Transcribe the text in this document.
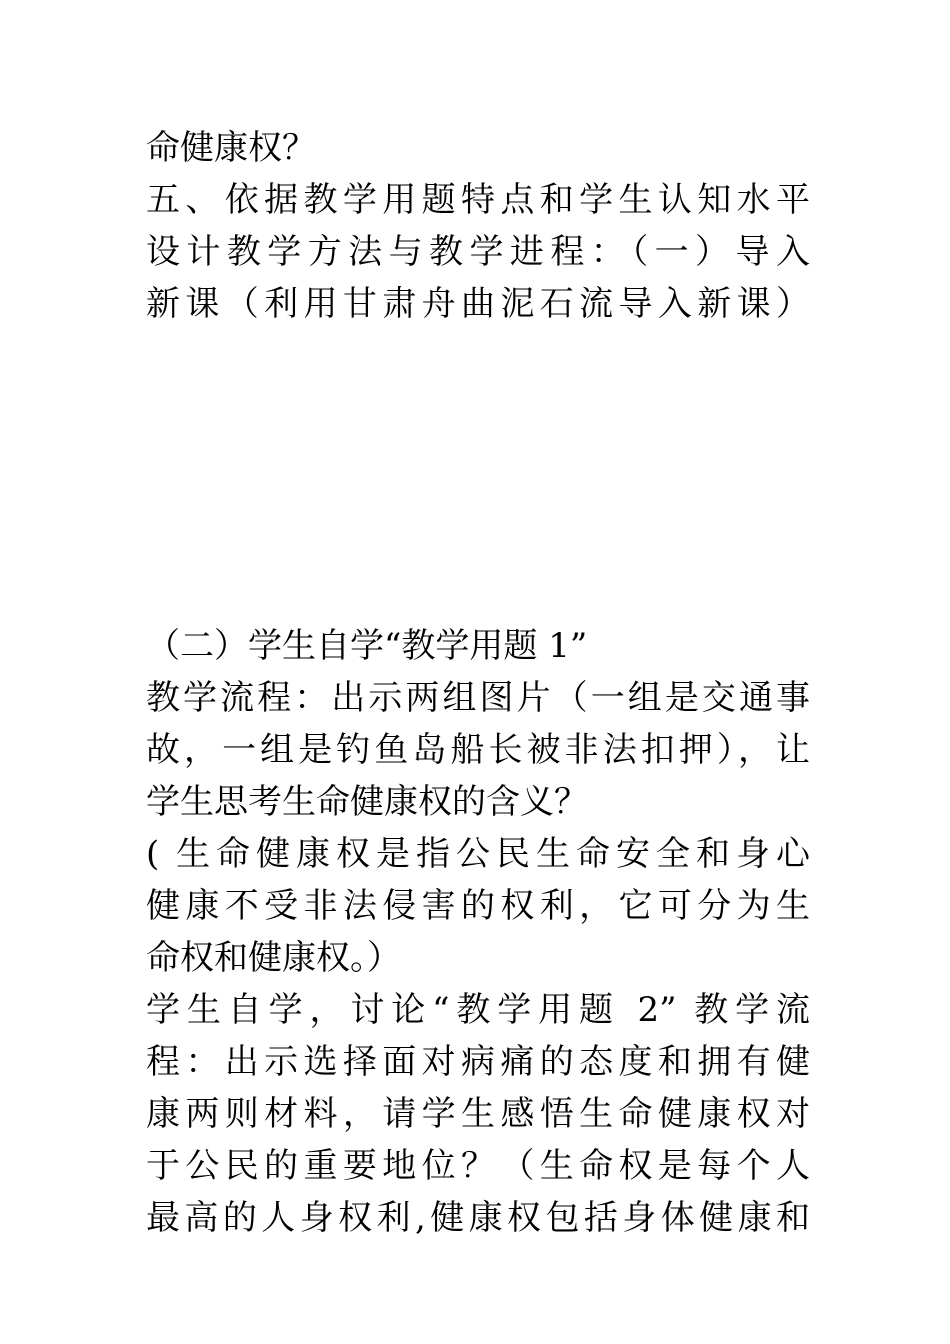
命健康权？
五、依据教学用题特点和学生认知水平
设计教学方法与教学进程：（一）导入
新课（利用甘肃舟曲泥石流导入新课）
（二）学生自学“教学用题 1”
教学流程：出示两组图片（一组是交通事
故，一组是钓鱼岛船长被非法扣押），让
学生思考生命健康权的含义？
( 生命健康权是指公民生命安全和身心
健康不受非法侵害的权利，它可分为生
命权和健康权。）
学生自学，讨论“教学用题 2” 教学流
程：出示选择面对病痛的态度和拥有健
康两则材料，请学生感悟生命健康权对
于公民的重要地位？（生命权是每个人
最高的人身权利,健康权包括身体健康和
